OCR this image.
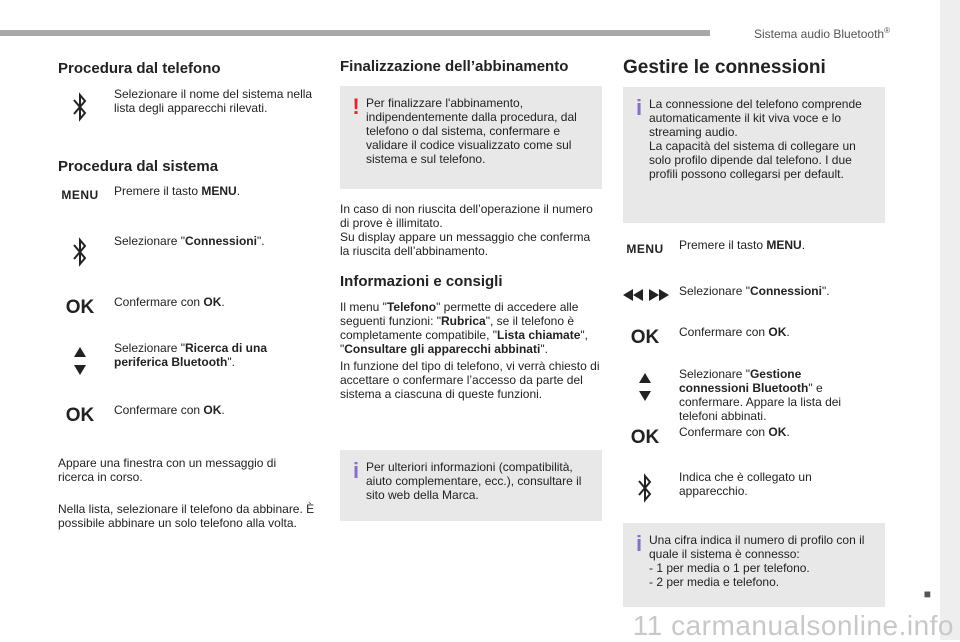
Sistema audio Bluetooth®
■
11 carmanualsonline.info
Procedura dal telefono
Selezionare il nome del sistema nella lista degli apparecchi rilevati.
Procedura dal sistema
MENU Premere il tasto MENU.
Selezionare "Connessioni".
OK	Confermare con OK.
Selezionare "Ricerca di una periferica Bluetooth".
OK	Confermare con OK.
Appare una finestra con un messaggio di ricerca in corso.
Nella lista, selezionare il telefono da abbinare. È possibile abbinare un solo telefono alla volta.
Finalizzazione dell’abbinamento
! Per finalizzare l'abbinamento, indipendentemente dalla procedura, dal telefono o dal sistema, confermare e validare il codice visualizzato come sul sistema e sul telefono.
In caso di non riuscita dell’operazione il numero di prove è illimitato.
Su display appare un messaggio che conferma la riuscita dell’abbinamento.
Informazioni e consigli
Il menu "Telefono" permette di accedere alle seguenti funzioni: "Rubrica", se il telefono è completamente compatibile, "Lista chiamate", "Consultare gli apparecchi abbinati".
In funzione del tipo di telefono, vi verrà chiesto di accettare o confermare l’accesso da parte del sistema a ciascuna di queste funzioni.
i Per ulteriori informazioni (compatibilità, aiuto complementare, ecc.), consultare il sito web della Marca.
Gestire le connessioni
i La connessione del telefono comprende automaticamente il kit viva voce e lo streaming audio.
La capacità del sistema di collegare un solo profilo dipende dal telefono. I due profili possono collegarsi per default.
MENU Premere il tasto MENU.
Selezionare "Connessioni".
OK	Confermare con OK.
Selezionare "Gestione connessioni Bluetooth" e confermare. Appare la lista dei telefoni abbinati.
OK	Confermare con OK.
Indica che è collegato un apparecchio.
i Una cifra indica il numero di profilo con il quale il sistema è connesso:
- 1 per media o 1 per telefono.
- 2 per media e telefono.
